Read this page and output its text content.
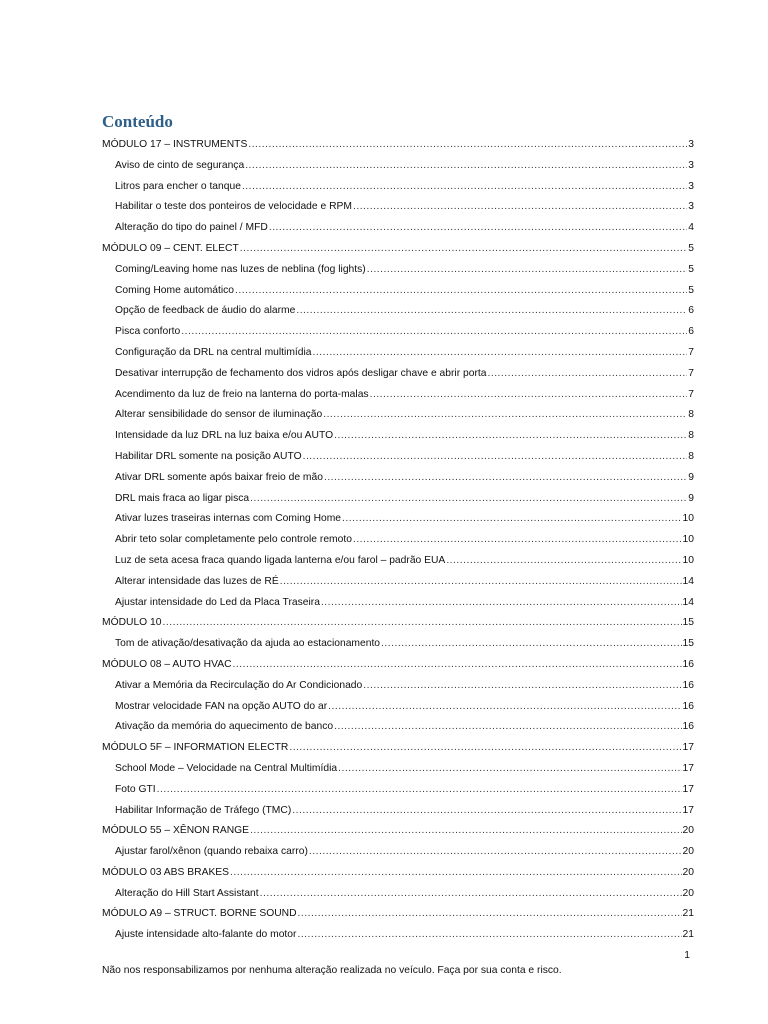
Conteúdo
MÓDULO 17 – INSTRUMENTS .....	3
Aviso de cinto de segurança .....	3
Litros para encher o tanque .....	3
Habilitar o teste dos ponteiros de velocidade e RPM .....	3
Alteração do tipo do painel / MFD .....	4
MÓDULO 09 – CENT. ELECT .....	5
Coming/Leaving home nas luzes de neblina (fog lights) .....	5
Coming Home automático .....	5
Opção de feedback de áudio do alarme .....	6
Pisca conforto .....	6
Configuração da DRL na central multimídia .....	7
Desativar interrupção de fechamento dos vidros após desligar chave e abrir porta .....	7
Acendimento da luz de freio na lanterna do porta-malas .....	7
Alterar sensibilidade do sensor de iluminação .....	8
Intensidade da luz DRL na luz baixa e/ou AUTO .....	8
Habilitar DRL somente na posição AUTO .....	8
Ativar DRL somente após baixar freio de mão .....	9
DRL mais fraca ao ligar pisca .....	9
Ativar luzes traseiras internas com Coming Home .....	10
Abrir teto solar completamente pelo controle remoto .....	10
Luz de seta acesa fraca quando ligada lanterna e/ou farol – padrão EUA .....	10
Alterar intensidade das luzes de RÉ .....	14
Ajustar intensidade do Led da Placa Traseira .....	14
MÓDULO 10 .....	15
Tom de ativação/desativação da ajuda ao estacionamento .....	15
MÓDULO 08 – AUTO HVAC .....	16
Ativar a Memória da Recirculação do Ar Condicionado .....	16
Mostrar velocidade FAN na opção AUTO do ar .....	16
Ativação da memória do aquecimento de banco .....	16
MÓDULO 5F – INFORMATION ELECTR .....	17
School Mode – Velocidade na Central Multimídia .....	17
Foto GTI .....	17
Habilitar Informação de Tráfego (TMC) .....	17
MÓDULO 55 – XÊNON RANGE .....	20
Ajustar farol/xênon (quando rebaixa carro) .....	20
MÓDULO 03 ABS BRAKES .....	20
Alteração do Hill Start Assistant .....	20
MÓDULO A9 – STRUCT. BORNE SOUND .....	21
Ajuste intensidade alto-falante do motor .....	21
1
Não nos responsabilizamos por nenhuma alteração realizada no veículo. Faça por sua conta e risco.
